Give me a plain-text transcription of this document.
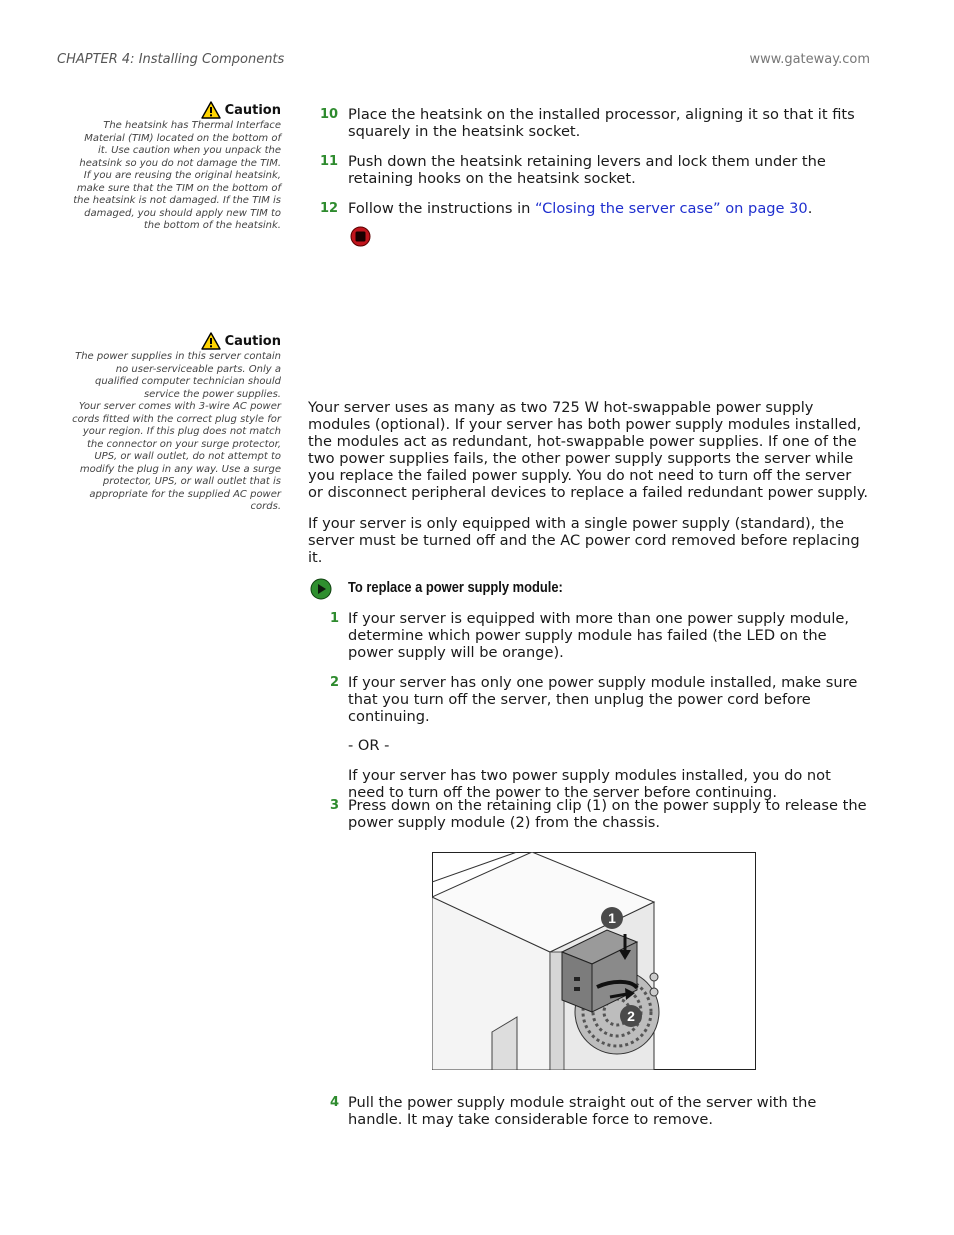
CHAPTER 4: Installing Components	www.gateway.com
Caution
The heatsink has Thermal Interface
Material (TIM) located on the bottom of
it. Use caution when you unpack the
heatsink so you do not damage the TIM.
If you are reusing the original heatsink,
make sure that the TIM on the bottom of
the heatsink is not damaged. If the TIM is
damaged, you should apply new TIM to
the bottom of the heatsink.
Caution
The power supplies in this server contain
no user-serviceable parts. Only a
qualified computer technician should
service the power supplies.
Your server comes with 3-wire AC power
cords fitted with the correct plug style for
your region. If this plug does not match
the connector on your surge protector,
UPS, or wall outlet, do not attempt to
modify the plug in any way. Use a surge
protector, UPS, or wall outlet that is
appropriate for the supplied AC power
cords.
10 Place the heatsink on the installed processor, aligning it so that it fits squarely in the heatsink socket.
11 Push down the heatsink retaining levers and lock them under the retaining hooks on the heatsink socket.
12 Follow the instructions in “Closing the server case” on page 30.
Your server uses as many as two 725 W hot-swappable power supply modules (optional). If your server has both power supply modules installed, the modules act as redundant, hot-swappable power supplies. If one of the two power supplies fails, the other power supply supports the server while you replace the failed power supply. You do not need to turn off the server or disconnect peripheral devices to replace a failed redundant power supply.
If your server is only equipped with a single power supply (standard), the server must be turned off and the AC power cord removed before replacing it.
To replace a power supply module:
1 If your server is equipped with more than one power supply module, determine which power supply module has failed (the LED on the power supply will be orange).
2 If your server has only one power supply module installed, make sure that you turn off the server, then unplug the power cord before continuing.
- OR -
If your server has two power supply modules installed, you do not need to turn off the power to the server before continuing.
3 Press down on the retaining clip (1) on the power supply to release the power supply module (2) from the chassis.
1
2
4 Pull the power supply module straight out of the server with the handle. It may take considerable force to remove.
